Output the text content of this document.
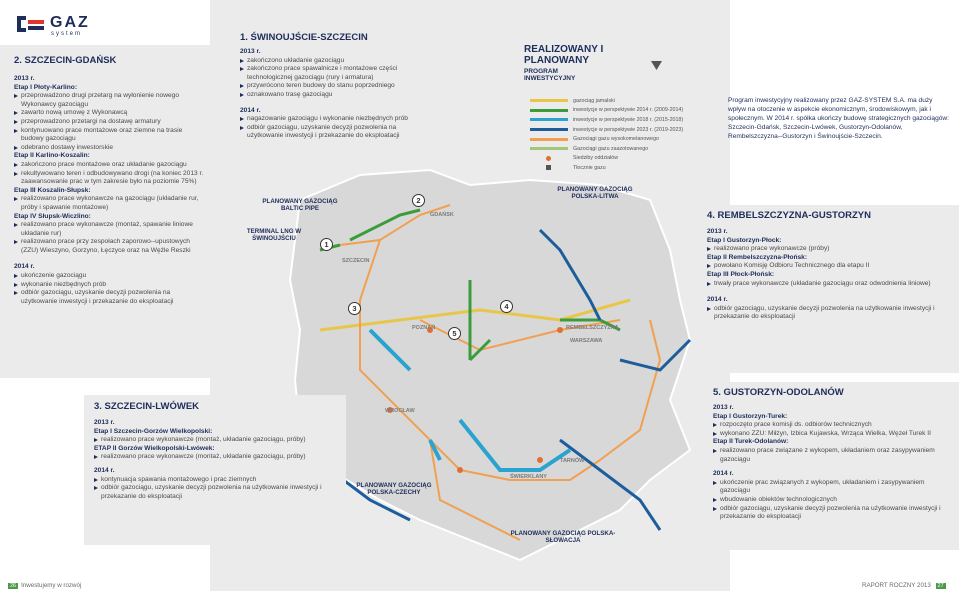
GAZ
system
2. SZCZECIN-GDAŃSK
2013 r.
Etap I Płoty-Karlino:
przeprowadzono drugi przetarg na wyłonienie nowego Wykonawcy gazociągu
zawarto nową umowę z Wykonawcą
przeprowadzono przetargi na dostawę armatury
kontynuowano prace montażowe oraz ziemne na trasie budowy gazociągu
odebrano dostawy inwestorskie
Etap II Karlino-Koszalin:
zakończono prace montażowe oraz układanie gazociągu
rekultywowano teren i odbudowywano drogi (na koniec 2013 r. zaawansowanie prac w tym zakresie było na poziomie 75%)
Etap III Koszalin-Słupsk:
realizowano prace wykonawcze na gazociągu (układanie rur, próby i spawanie montażowe)
Etap IV Słupsk-Wiczlino:
realizowano prace wykonawcze (montaż, spawanie liniowe układanie rur)
realizowano prace przy zespołach zaporowo--upustowych (ZZU) Wieszyno, Gorzyno, Łęczyce oraz na Węźle Reszki
2014 r.
ukończenie gazociągu
wykonanie niezbędnych prób
odbiór gazociągu, uzyskanie decyzji pozwolenia na użytkowanie inwestycji i przekazanie do eksploatacji
1. ŚWINOUJŚCIE-SZCZECIN
2013 r.
zakończono układanie gazociągu
zakończono prace spawalnicze i montażowe części technologicznej gazociągu (rury i armatura)
przywrócono teren budowy do stanu poprzedniego
oznakowano trasę gazociągu
2014 r.
nagazowanie gazociągu i wykonanie niezbędnych prób
odbiór gazociągu, uzyskanie decyzji pozwolenia na użytkowanie inwestycji i przekazanie do eksploatacji
REALIZOWANY I PLANOWANY
PROGRAM
INWESTYCYJNY
gazociąg jamalski
inwestycje w perspektywie 2014 r. (2009-2014)
inwestycje w perspektywie 2018 r. (2015-2018)
inwestycje w perspektywie 2023 r. (2019-2023)
Gazociągi gazu wysokometanowego
Gazociągi gazu zaazotowanego
Siedziby oddziałów
Tłocznie gazu
Program inwestycyjny realizowany przez GAZ-SYSTEM S.A. ma duży wpływ na otoczenie w aspekcie ekonomicznym, środowiskowym, jak i społecznym. W 2014 r. spółka ukończy budowę strategicznych gazociągów: Szczecin-Gdańsk, Szczecin-Lwówek, Gustorzyn-Odolanów, Rembelszczyzna--Gustorzyn i Świnoujście-Szczecin.
PLANOWANY GAZOCIĄG BALTIC PIPE
TERMINAL LNG W ŚWINOUJŚCIU
PLANOWANY GAZOCIĄG POLSKA-LITWA
PLANOWANY GAZOCIĄG POLSKA-CZECHY
PLANOWANY GAZOCIĄG POLSKA-SŁOWACJA
GDAŃSK
SZCZECIN
POZNAŃ	REMBELSZCZYZNA
WARSZAWA
WROCŁAW
TARNÓW
ŚWIERKLANY
1
2
3	4
5
3. SZCZECIN-LWÓWEK
2013 r.
Etap I Szczecin-Gorzów Wielkopolski:
realizowano prace wykonawcze (montaż, układanie gazociągu, próby)
ETAP II Gorzów Wielkopolski-Lwówek:
realizowano prace wykonawcze (montaż, układanie gazociągu, próby)
2014 r.
kontynuacja spawania montażowego i prac ziemnych
odbiór gazociągu, uzyskanie decyzji pozwolenia na użytkowanie inwestycji i przekazanie do eksploatacji
4. REMBELSZCZYZNA-GUSTORZYN
2013 r.
Etap I Gustorzyn-Płock:
realizowano prace wykonawcze (próby)
Etap II Rembelszczyzna-Płońsk:
powołano Komisję Odbioru Technicznego dla etapu II
Etap III Płock-Płońsk:
trwały prace wykonawcze (układanie gazociągu oraz odwodnienia liniowe)
2014 r.
odbiór gazociągu, uzyskanie decyzji pozwolenia na użytkowanie inwestycji i przekazanie do eksploatacji
5. GUSTORZYN-ODOLANÓW
2013 r.
Etap I Gustorzyn-Turek:
rozpoczęto prace komisji ds. odbiorów technicznych
wykonano ZZU: Miłżyn, Izbica Kujawska, Wrząca Wielka, Węzeł Turek II
Etap II Turek-Odolanów:
realizowano prace związane z wykopem, układaniem oraz zasypywaniem gazociągu
2014 r.
ukończenie prac związanych z wykopem, układaniem i zasypywaniem gazociągu
wbudowanie obiektów technologicznych
odbiór gazociągu, uzyskanie decyzji pozwolenia na użytkowanie inwestycji i przekazanie do eksploatacji
26 Inwestujemy w rozwój	RAPORT ROCZNY 2013 27
